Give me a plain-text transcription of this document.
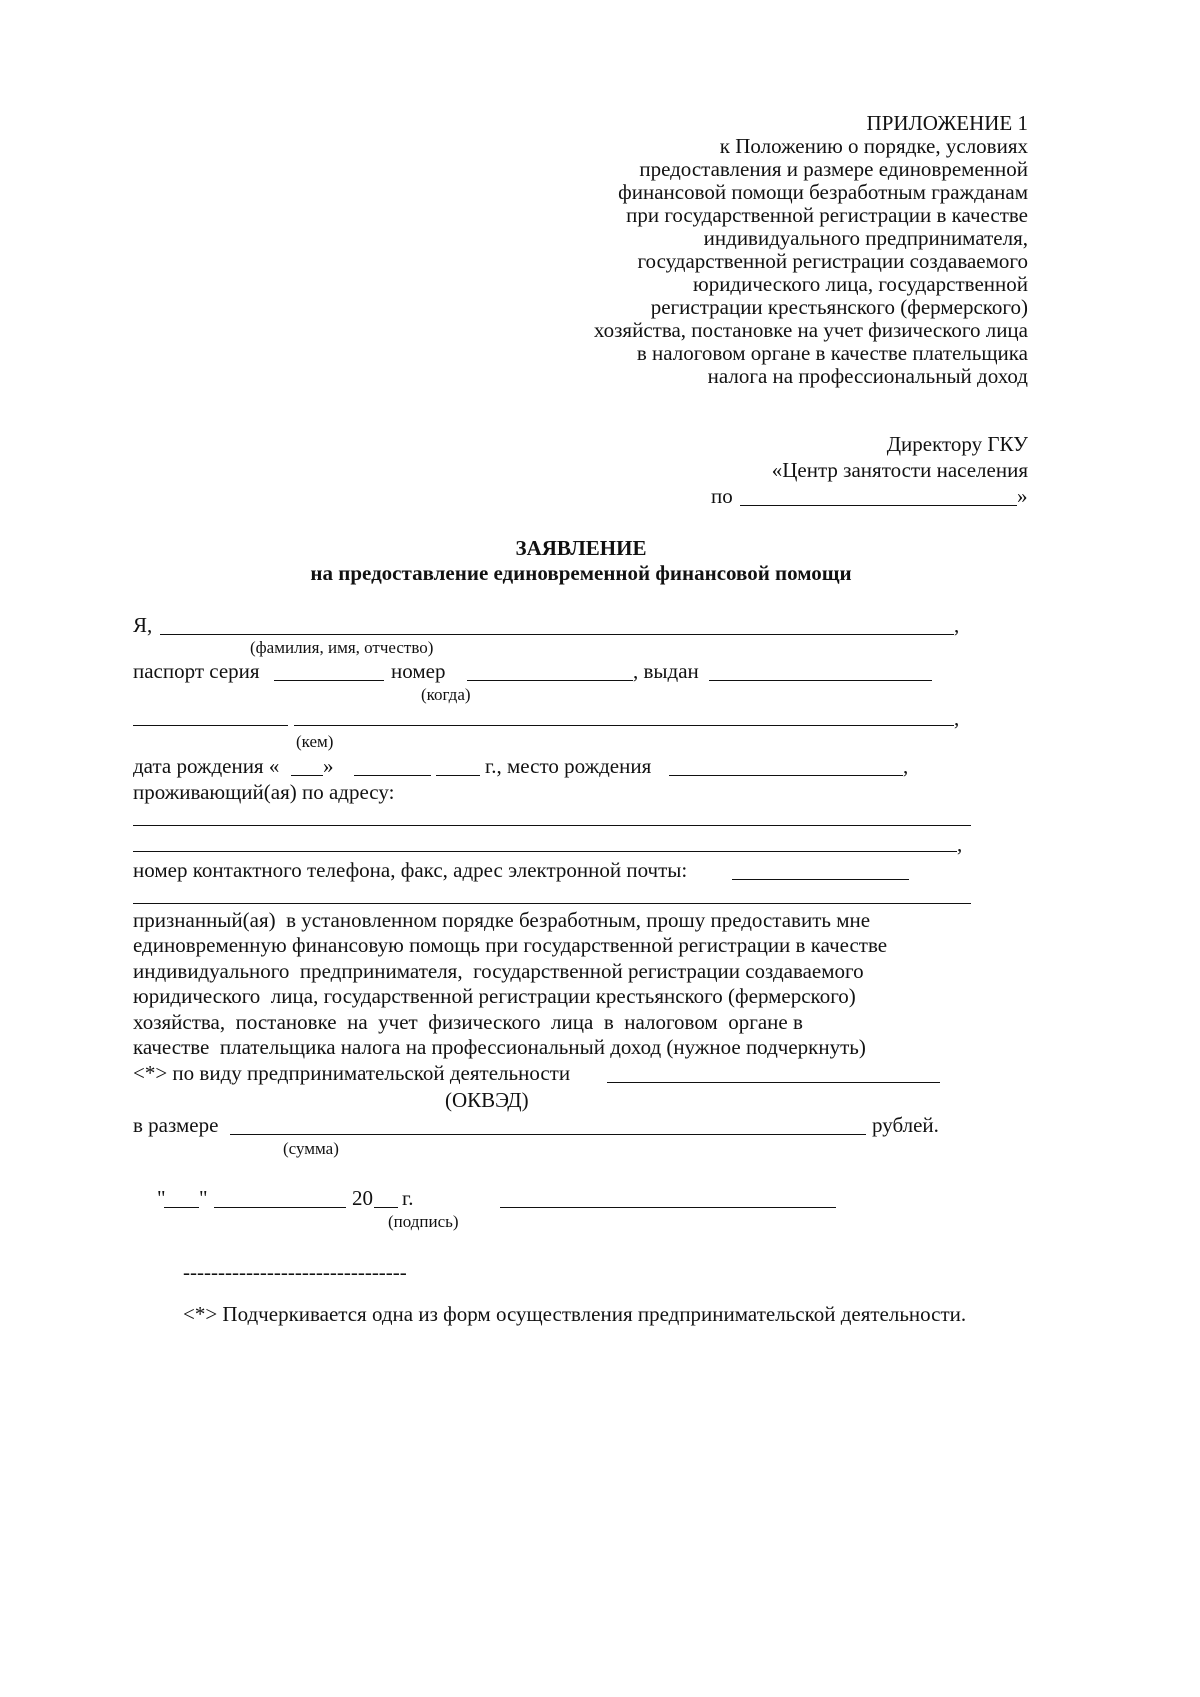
ПРИЛОЖЕНИЕ 1
к Положению о порядке, условиях
предоставления и размере единовременной
финансовой помощи безработным гражданам
при государственной регистрации в качестве
индивидуального предпринимателя,
государственной регистрации создаваемого
юридического лица, государственной
регистрации крестьянского (фермерского)
хозяйства, постановке на учет физического лица
в налоговом органе в качестве плательщика
налога на профессиональный доход
Директору ГКУ
«Центр занятости населения
по	»
ЗАЯВЛЕНИЕ
на предоставление единовременной финансовой помощи
Я,	,
(фамилия, имя, отчество)
паспорт серия	номер	, выдан
(когда)
,
(кем)
дата рождения « »	г., место рождения	,
проживающий(ая) по адресу:
,
номер контактного телефона, факс, адрес электронной почты:
признанный(ая)  в установленном порядке безработным, прошу предоставить мне
единовременную финансовую помощь при государственной регистрации в качестве
индивидуального  предпринимателя,  государственной регистрации создаваемого
юридического  лица, государственной регистрации крестьянского (фермерского)
хозяйства,  постановке  на  учет  физического  лица  в  налоговом  органе в
качестве  плательщика налога на профессиональный доход (нужное подчеркнуть)
<*> по виду предпринимательской деятельности
(ОКВЭД)
в размере	рублей.
(сумма)
" "	20 г.
(подпись)
--------------------------------
<*> Подчеркивается одна из форм осуществления предпринимательской деятельности.
